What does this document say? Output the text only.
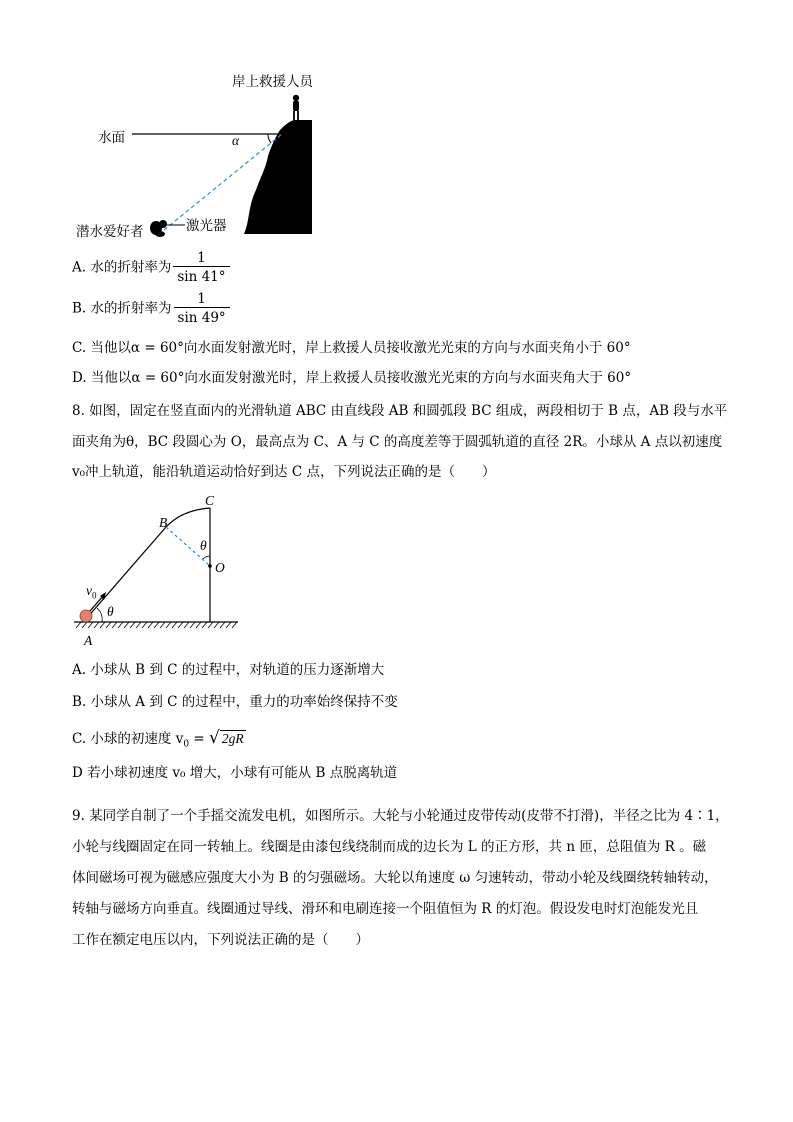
岸上救援人员
水面	α
激光器
潜水爱好者
A. 水的折射率为 $\frac{1}{\sin 41^\circ}$
B. 水的折射率为 $\frac{1}{\sin 49^\circ}$
C. 当他以α = 60°向水面发射激光时，岸上救援人员接收激光光束的方向与水面夹角小于 60°
D. 当他以α = 60°向水面发射激光时，岸上救援人员接收激光光束的方向与水面夹角大于 60°
8. 如图，固定在竖直面内的光滑轨道 ABC 由直线段 AB 和圆弧段 BC 组成，两段相切于 B 点，AB 段与水平
面夹角为θ，BC 段圆心为 O，最高点为 C、A 与 C 的高度差等于圆弧轨道的直径 2R。小球从 A 点以初速度
v₀冲上轨道，能沿轨道运动恰好到达 C 点，下列说法正确的是（　　）
C
B
θ
O
$v_0$
θ
A
A. 小球从 B 到 C 的过程中，对轨道的压力逐渐增大
B. 小球从 A 到 C 的过程中，重力的功率始终保持不变
C. 小球的初速度 $v_0$ = √ 2gR
D 若小球初速度 v₀ 增大，小球有可能从 B 点脱离轨道
9. 某同学自制了一个手摇交流发电机，如图所示。大轮与小轮通过皮带传动(皮带不打滑)，半径之比为 4∶1，
小轮与线圈固定在同一转轴上。线圈是由漆包线绕制而成的边长为 L 的正方形，共 n 匝，总阻值为 R 。磁
体间磁场可视为磁感应强度大小为 B 的匀强磁场。大轮以角速度 ω 匀速转动，带动小轮及线圈绕转轴转动，
转轴与磁场方向垂直。线圈通过导线、滑环和电刷连接一个阻值恒为 R 的灯泡。假设发电时灯泡能发光且
工作在额定电压以内，下列说法正确的是（　　）
